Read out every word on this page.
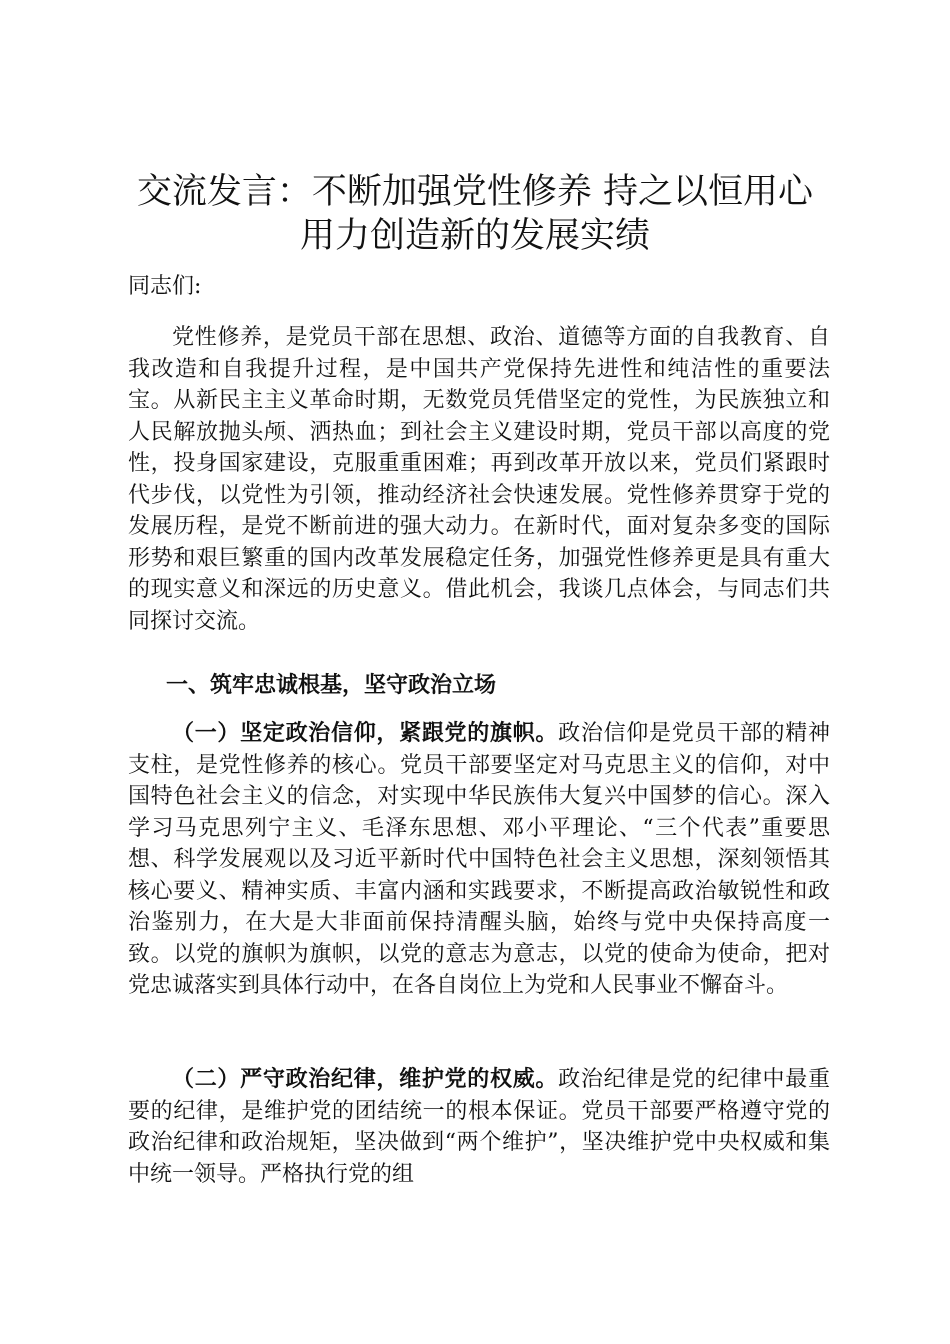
交流发言：不断加强党性修养 持之以恒用心
用力创造新的发展实绩
同志们:

党性修养，是党员干部在思想、政治、道德等方面的自我教育、自我改造和自我提升过程，是中国共产党保持先进性和纯洁性的重要法宝。从新民主主义革命时期，无数党员凭借坚定的党性，为民族独立和人民解放抛头颅、洒热血；到社会主义建设时期，党员干部以高度的党性，投身国家建设，克服重重困难；再到改革开放以来，党员们紧跟时代步伐，以党性为引领，推动经济社会快速发展。党性修养贯穿于党的发展历程，是党不断前进的强大动力。在新时代，面对复杂多变的国际形势和艰巨繁重的国内改革发展稳定任务，加强党性修养更是具有重大的现实意义和深远的历史意义。借此机会，我谈几点体会，与同志们共同探讨交流。

一、筑牢忠诚根基，坚守政治立场

（一）坚定政治信仰，紧跟党的旗帜。政治信仰是党员干部的精神支柱，是党性修养的核心。党员干部要坚定对马克思主义的信仰，对中国特色社会主义的信念，对实现中华民族伟大复兴中国梦的信心。深入学习马克思列宁主义、毛泽东思想、邓小平理论、“三个代表”重要思想、科学发展观以及习近平新时代中国特色社会主义思想，深刻领悟其核心要义、精神实质、丰富内涵和实践要求，不断提高政治敏锐性和政治鉴别力，在大是大非面前保持清醒头脑，始终与党中央保持高度一致。以党的旗帜为旗帜，以党的意志为意志，以党的使命为使命，把对党忠诚落实到具体行动中，在各自岗位上为党和人民事业不懈奋斗。

（二）严守政治纪律，维护党的权威。政治纪律是党的纪律中最重要的纪律，是维护党的团结统一的根本保证。党员干部要严格遵守党的政治纪律和政治规矩，坚决做到“两个维护”，坚决维护党中央权威和集中统一领导。严格执行党的组
